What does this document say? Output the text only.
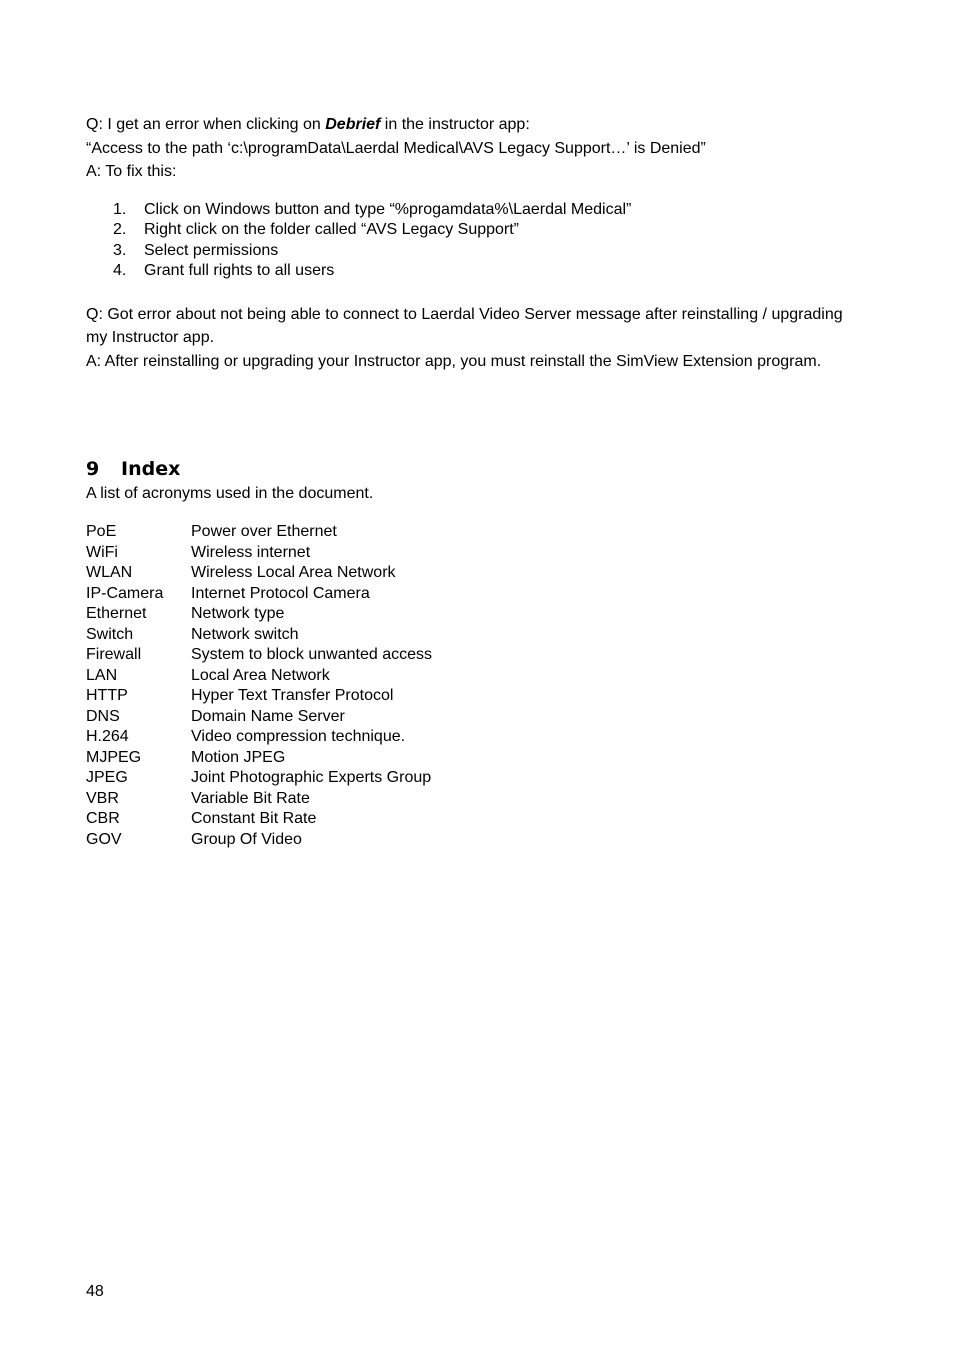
Q: I get an error when clicking on Debrief in the instructor app:

“Access to the path ‘c:\programData\Laerdal Medical\AVS Legacy Support…’ is Denied”

A: To fix this:

1. Click on Windows button and type “%progamdata%\Laerdal Medical”
2. Right click on the folder called “AVS Legacy Support”
3. Select permissions
4. Grant full rights to all users

Q: Got error about not being able to connect to Laerdal Video Server message after reinstalling / upgrading my Instructor app.

A: After reinstalling or upgrading your Instructor app, you must reinstall the SimView Extension program.

9	Index

A list of acronyms used in the document.

PoE	Power over Ethernet
WiFi	Wireless internet
WLAN	Wireless Local Area Network
IP-Camera	Internet Protocol Camera
Ethernet	Network type
Switch	Network switch
Firewall	System to block unwanted access
LAN	Local Area Network
HTTP	Hyper Text Transfer Protocol
DNS	Domain Name Server
H.264	Video compression technique.
MJPEG	Motion JPEG
JPEG	Joint Photographic Experts Group
VBR	Variable Bit Rate
CBR	Constant Bit Rate
GOV	Group Of Video
48
